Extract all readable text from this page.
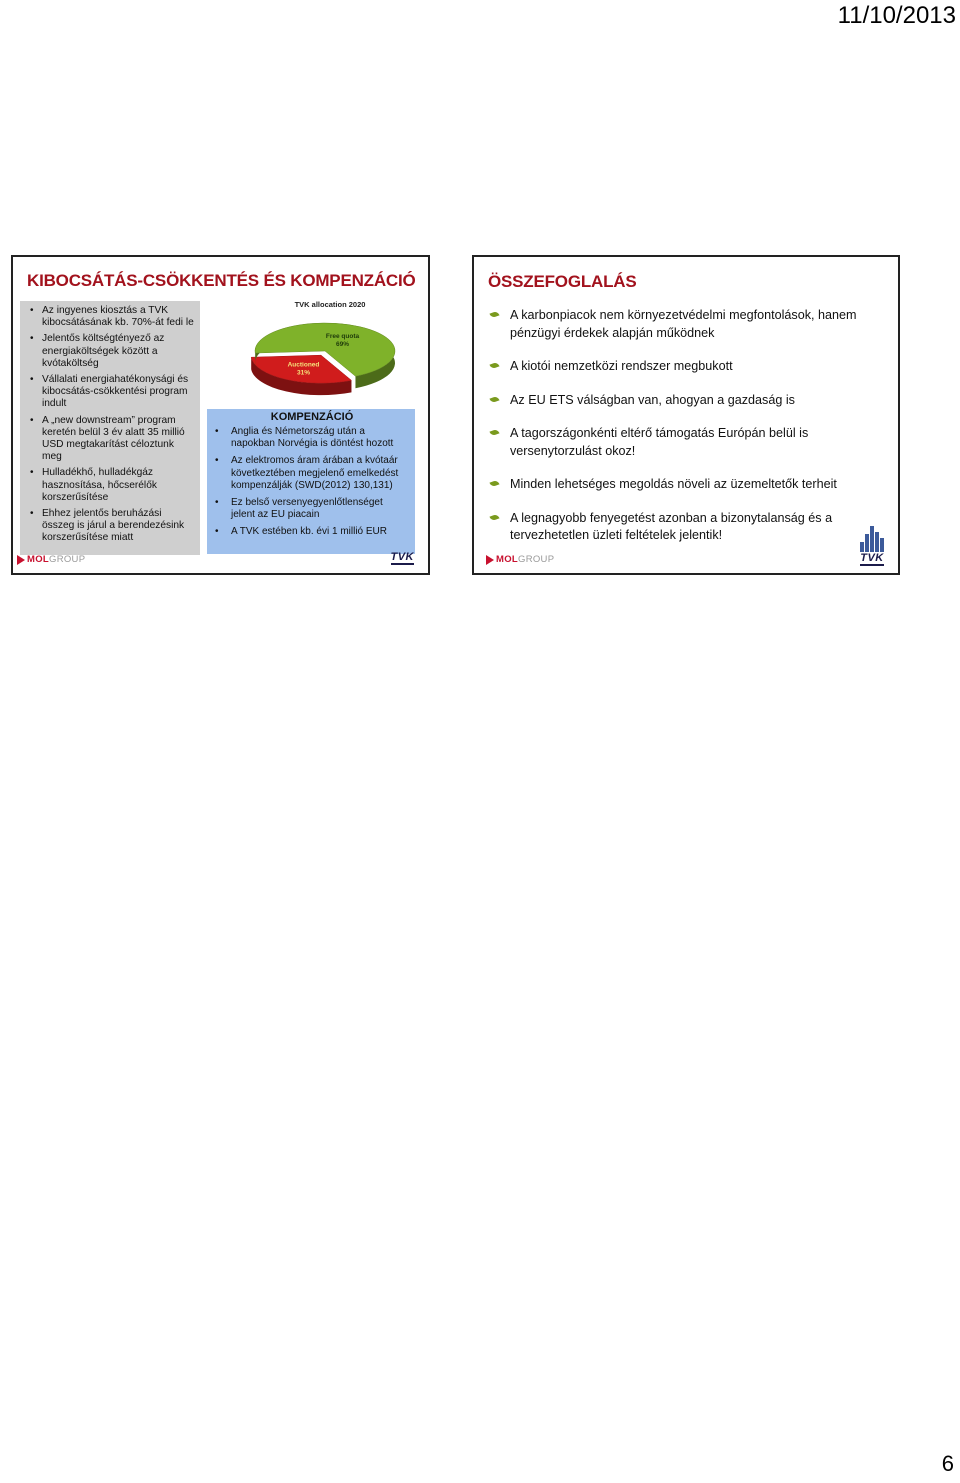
11/10/2013
KIBOCSÁTÁS-CSÖKKENTÉS ÉS KOMPENZÁCIÓ
• Az ingyenes kiosztás a TVK kibocsátásának kb. 70%-át fedi le
• Jelentős költségtényező az energiaköltségek között a kvótaköltség
• Vállalati energiahatékonysági és kibocsátás-csökkentési program indult
• A „new downstream” program keretén belül 3 év alatt 35 millió USD megtakarítást céloztunk meg
• Hulladékhő, hulladékgáz hasznosítása, hőcserélők korszerűsítése
• Ehhez jelentős beruházási összeg is járul a berendezésink korszerűsítése miatt
TVK allocation 2020
Auctioned
31%
Free quota
69%
KOMPENZÁCIÓ
• Anglia és Németország után a napokban Norvégia is döntést hozott
• Az elektromos áram árában a kvótaár következtében megjelenő emelkedést kompenzálják (SWD(2012) 130,131)
• Ez belső versenyegyenlőtlenséget jelent az EU piacain
• A TVK estében kb. évi 1 millió EUR
MOL GROUP	TVK
ÖSSZEFOGLALÁS
A karbonpiacok nem környezetvédelmi megfontolások, hanem pénzügyi érdekek alapján működnek
A kiotói nemzetközi rendszer megbukott
Az EU ETS válságban van, ahogyan a gazdaság is
A tagországonkénti eltérő támogatás Európán belül is versenytorzulást okoz!
Minden lehetséges megoldás növeli az üzemeltetők terheit
A legnagyobb fenyegetést azonban a bizonytalanság és a tervezhetetlen üzleti feltételek jelentik!
MOL GROUP	TVK
6
